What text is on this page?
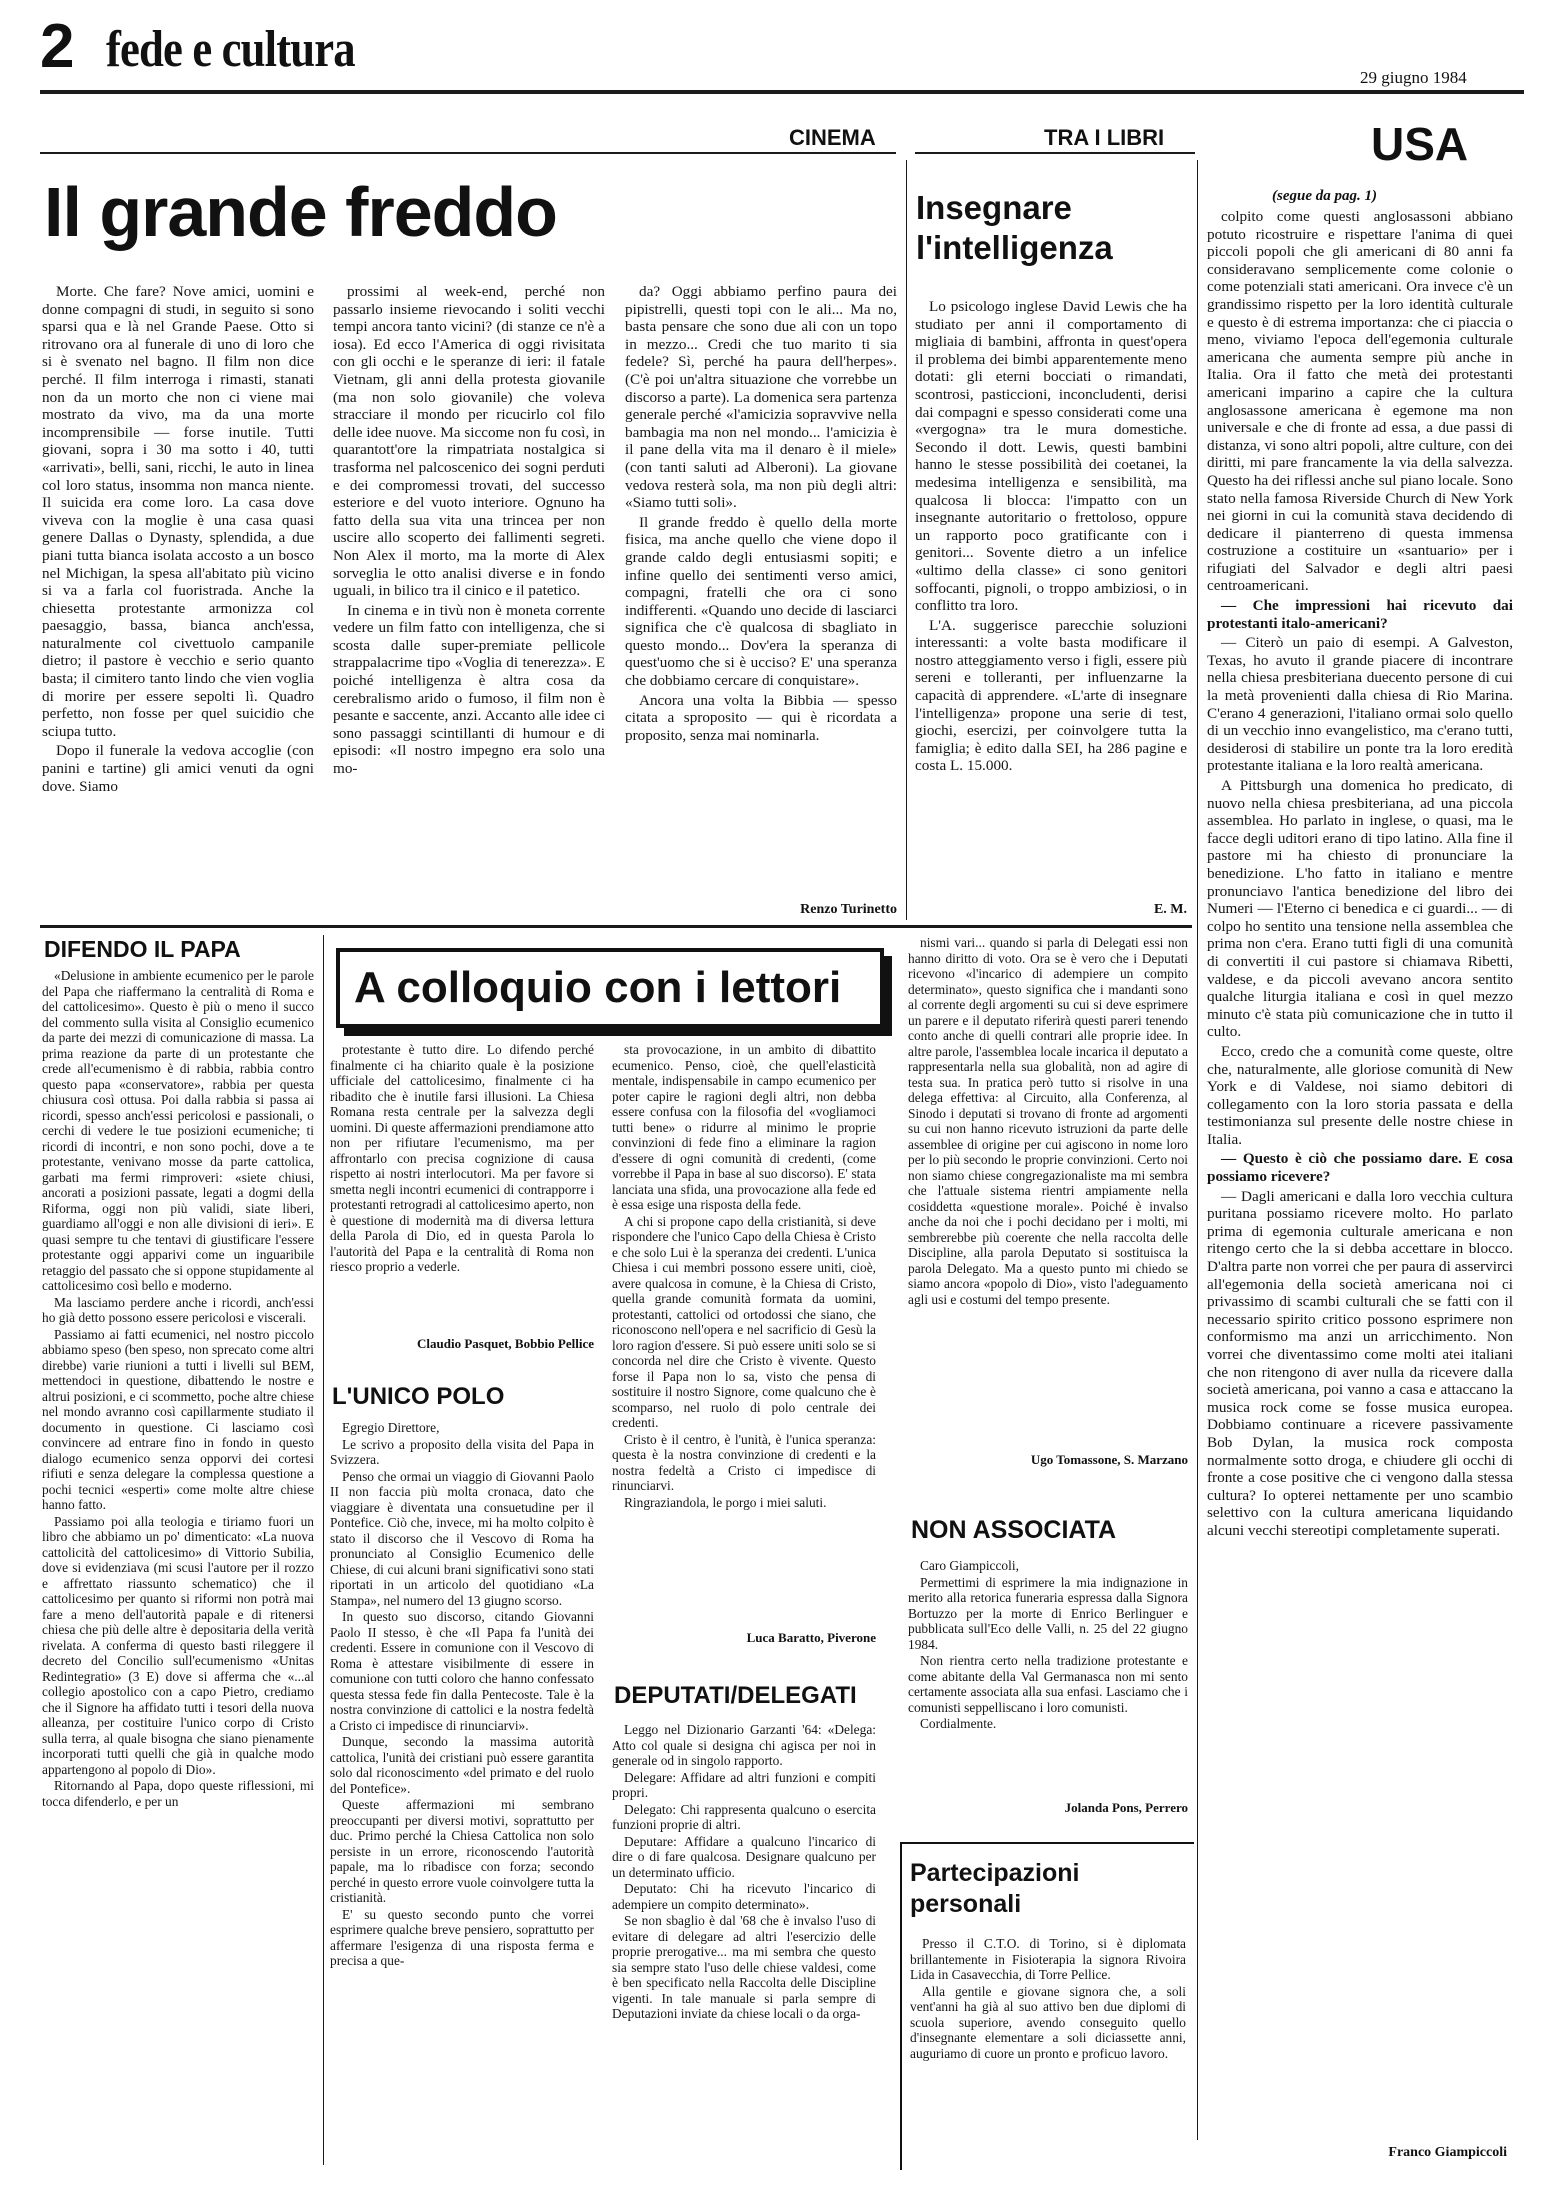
2 fede e cultura	29 giugno 1984
CINEMA	TRA I LIBRI	USA
Il grande freddo

Morte. Che fare? Nove amici, uomini e donne compagni di studi, in seguito si sono sparsi qua e là nel Grande Paese. Otto si ritrovano ora al funerale di uno di loro che si è svenato nel bagno. Il film non dice perché. Il film interroga i rimasti, stanati non da un morto che non ci viene mai mostrato da vivo, ma da una morte incomprensibile — forse inutile. Tutti giovani, sopra i 30 ma sotto i 40, tutti «arrivati», belli, sani, ricchi, le auto in linea col loro status, insomma non manca niente. Il suicida era come loro. La casa dove viveva con la moglie è una casa quasi genere Dallas o Dynasty, splendida, a due piani tutta bianca isolata accosto a un bosco nel Michigan, la spesa all'abitato più vicino si va a farla col fuoristrada. Anche la chiesetta protestante armonizza col paesaggio, bassa, bianca anch'essa, naturalmente col civettuolo campanile dietro; il pastore è vecchio e serio quanto basta; il cimitero tanto lindo che vien voglia di morire per essere sepolti lì. Quadro perfetto, non fosse per quel suicidio che sciupa tutto.

Dopo il funerale la vedova accoglie (con panini e tartine) gli amici venuti da ogni dove. Siamo

prossimi al week-end, perché non passarlo insieme rievocando i soliti vecchi tempi ancora tanto vicini? (di stanze ce n'è a iosa). Ed ecco l'America di oggi rivisitata con gli occhi e le speranze di ieri: il fatale Vietnam, gli anni della protesta giovanile (ma non solo giovanile) che voleva stracciare il mondo per ricucirlo col filo delle idee nuove. Ma siccome non fu così, in quarantott'ore la rimpatriata nostalgica si trasforma nel palcoscenico dei sogni perduti e dei compromessi trovati, del successo esteriore e del vuoto interiore. Ognuno ha fatto della sua vita una trincea per non uscire allo scoperto dei fallimenti segreti. Non Alex il morto, ma la morte di Alex sorveglia le otto analisi diverse e in fondo uguali, in bilico tra il cinico e il patetico.

In cinema e in tivù non è moneta corrente vedere un film fatto con intelligenza, che si scosta dalle super-premiate pellicole strappalacrime tipo «Voglia di tenerezza». E poiché intelligenza è altra cosa da cerebralismo arido o fumoso, il film non è pesante e saccente, anzi. Accanto alle idee ci sono passaggi scintillanti di humour e di episodi: «Il nostro impegno era solo una mo-

da? Oggi abbiamo perfino paura dei pipistrelli, questi topi con le ali... Ma no, basta pensare che sono due ali con un topo in mezzo... Credi che tuo marito ti sia fedele? Sì, perché ha paura dell'herpes». (C'è poi un'altra situazione che vorrebbe un discorso a parte). La domenica sera partenza generale perché «l'amicizia sopravvive nella bambagia ma non nel mondo... l'amicizia è il pane della vita ma il denaro è il miele» (con tanti saluti ad Alberoni). La giovane vedova resterà sola, ma non più degli altri: «Siamo tutti soli».

Il grande freddo è quello della morte fisica, ma anche quello che viene dopo il grande caldo degli entusiasmi sopiti; e infine quello dei sentimenti verso amici, compagni, fratelli che ora ci sono indifferenti. «Quando uno decide di lasciarci significa che c'è qualcosa di sbagliato in questo mondo... Dov'era la speranza di quest'uomo che si è ucciso? E' una speranza che dobbiamo cercare di conquistare».

Ancora una volta la Bibbia — spesso citata a sproposito — qui è ricordata a proposito, senza mai nominarla.

Renzo Turinetto
Insegnare l'intelligenza

Lo psicologo inglese David Lewis che ha studiato per anni il comportamento di migliaia di bambini, affronta in quest'opera il problema dei bimbi apparentemente meno dotati: gli eterni bocciati o rimandati, scontrosi, pasticcioni, inconcludenti, derisi dai compagni e spesso considerati come una «vergogna» tra le mura domestiche. Secondo il dott. Lewis, questi bambini hanno le stesse possibilità dei coetanei, la medesima intelligenza e sensibilità, ma qualcosa li blocca: l'impatto con un insegnante autoritario o frettoloso, oppure un rapporto poco gratificante con i genitori... Sovente dietro a un infelice «ultimo della classe» ci sono genitori soffocanti, pignoli, o troppo ambiziosi, o in conflitto tra loro.

L'A. suggerisce parecchie soluzioni interessanti: a volte basta modificare il nostro atteggiamento verso i figli, essere più sereni e tolleranti, per influenzarne la capacità di apprendere. «L'arte di insegnare l'intelligenza» propone una serie di test, giochi, esercizi, per coinvolgere tutta la famiglia; è edito dalla SEI, ha 286 pagine e costa L. 15.000.

E. M.
(segue da pag. 1)

colpito come questi anglosassoni abbiano potuto ricostruire e rispettare l'anima di quei piccoli popoli che gli americani di 80 anni fa consideravano semplicemente come colonie o come potenziali stati americani. Ora invece c'è un grandissimo rispetto per la loro identità culturale e questo è di estrema importanza: che ci piaccia o meno, viviamo l'epoca dell'egemonia culturale americana che aumenta sempre più anche in Italia. Ora il fatto che metà dei protestanti americani imparino a capire che la cultura anglosassone americana è egemone ma non universale e che di fronte ad essa, a due passi di distanza, vi sono altri popoli, altre culture, con dei diritti, mi pare francamente la via della salvezza. Questo ha dei riflessi anche sul piano locale. Sono stato nella famosa Riverside Church di New York nei giorni in cui la comunità stava decidendo di dedicare il pianterreno di questa immensa costruzione a costituire un «santuario» per i rifugiati del Salvador e degli altri paesi centroamericani.

— Che impressioni hai ricevuto dai protestanti italo-americani?

— Citerò un paio di esempi. A Galveston, Texas, ho avuto il grande piacere di incontrare nella chiesa presbiteriana duecento persone di cui la metà provenienti dalla chiesa di Rio Marina. C'erano 4 generazioni, l'italiano ormai solo quello di un vecchio inno evangelistico, ma c'erano tutti, desiderosi di stabilire un ponte tra la loro eredità protestante italiana e la loro realtà americana.

A Pittsburgh una domenica ho predicato, di nuovo nella chiesa presbiteriana, ad una piccola assemblea. Ho parlato in inglese, o quasi, ma le facce degli uditori erano di tipo latino. Alla fine il pastore mi ha chiesto di pronunciare la benedizione. L'ho fatto in italiano e mentre pronunciavo l'antica benedizione del libro dei Numeri — l'Eterno ci benedica e ci guardi... — di colpo ho sentito una tensione nella assemblea che prima non c'era. Erano tutti figli di una comunità di convertiti il cui pastore si chiamava Ribetti, valdese, e da piccoli avevano ancora sentito qualche liturgia italiana e così in quel mezzo minuto c'è stata più comunicazione che in tutto il culto.

Ecco, credo che a comunità come queste, oltre che, naturalmente, alle gloriose comunità di New York e di Valdese, noi siamo debitori di collegamento con la loro storia passata e della testimonianza sul presente delle nostre chiese in Italia.

— Questo è ciò che possiamo dare. E cosa possiamo ricevere?

— Dagli americani e dalla loro vecchia cultura puritana possiamo ricevere molto. Ho parlato prima di egemonia culturale americana e non ritengo certo che la si debba accettare in blocco. D'altra parte non vorrei che per paura di asservirci all'egemonia della società americana noi ci privassimo di scambi culturali che se fatti con il necessario spirito critico possono esprimere non conformismo ma anzi un arricchimento. Non vorrei che diventassimo come molti atei italiani che non ritengono di aver nulla da ricevere dalla società americana, poi vanno a casa e attaccano la musica rock come se fosse musica europea. Dobbiamo continuare a ricevere passivamente Bob Dylan, la musica rock composta normalmente sotto droga, e chiudere gli occhi di fronte a cose positive che ci vengono dalla stessa cultura? Io opterei nettamente per uno scambio selettivo con la cultura americana liquidando alcuni vecchi stereotipi completamente superati.

Franco Giampiccoli
DIFENDO IL PAPA

«Delusione in ambiente ecumenico per le parole del Papa che riaffermano la centralità di Roma e del cattolicesimo». Questo è più o meno il succo del commento sulla visita al Consiglio ecumenico da parte dei mezzi di comunicazione di massa. La prima reazione da parte di un protestante che crede all'ecumenismo è di rabbia, rabbia contro questo papa «conservatore», rabbia per questa chiusura così ottusa. Poi dalla rabbia si passa ai ricordi, spesso anch'essi pericolosi e passionali, o cerchi di vedere le tue posizioni ecumeniche; ti ricordi di incontri, e non sono pochi, dove a te protestante, venivano mosse da parte cattolica, garbati ma fermi rimproveri: «siete chiusi, ancorati a posizioni passate, legati a dogmi della Riforma, oggi non più validi, siate liberi, guardiamo all'oggi e non alle divisioni di ieri». E quasi sempre tu che tentavi di giustificare l'essere protestante oggi apparivi come un inguaribile retaggio del passato che si oppone stupidamente al cattolicesimo così bello e moderno.

Ma lasciamo perdere anche i ricordi, anch'essi ho già detto possono essere pericolosi e viscerali.

Passiamo ai fatti ecumenici, nel nostro piccolo abbiamo speso (ben speso, non sprecato come altri direbbe) varie riunioni a tutti i livelli sul BEM, mettendoci in questione, dibattendo le nostre e altrui posizioni, e ci scommetto, poche altre chiese nel mondo avranno così capillarmente studiato il documento in questione. Ci lasciamo così convincere ad entrare fino in fondo in questo dialogo ecumenico senza opporvi dei cortesi rifiuti e senza delegare la complessa questione a pochi tecnici «esperti» come molte altre chiese hanno fatto.

Passiamo poi alla teologia e tiriamo fuori un libro che abbiamo un po' dimenticato: «La nuova cattolicità del cattolicesimo» di Vittorio Subilia, dove si evidenziava (mi scusi l'autore per il rozzo e affrettato riassunto schematico) che il cattolicesimo per quanto si riformi non potrà mai fare a meno dell'autorità papale e di ritenersi chiesa che più delle altre è depositaria della verità rivelata. A conferma di questo basti rileggere il decreto del Concilio sull'ecumenismo «Unitas Redintegratio» (3 E) dove si afferma che «...al collegio apostolico con a capo Pietro, crediamo che il Signore ha affidato tutti i tesori della nuova alleanza, per costituire l'unico corpo di Cristo sulla terra, al quale bisogna che siano pienamente incorporati tutti quelli che già in qualche modo appartengono al popolo di Dio».

Ritornando al Papa, dopo queste riflessioni, mi tocca difenderlo, e per un

A colloquio con i lettori

protestante è tutto dire. Lo difendo perché finalmente ci ha chiarito quale è la posizione ufficiale del cattolicesimo, finalmente ci ha ribadito che è inutile farsi illusioni. La Chiesa Romana resta centrale per la salvezza degli uomini. Di queste affermazioni prendiamone atto non per rifiutare l'ecumenismo, ma per affrontarlo con precisa cognizione di causa rispetto ai nostri interlocutori. Ma per favore si smetta negli incontri ecumenici di contrapporre i protestanti retrogradi al cattolicesimo aperto, non è questione di modernità ma di diversa lettura della Parola di Dio, ed in questa Parola lo l'autorità del Papa e la centralità di Roma non riesco proprio a vederle.

Claudio Pasquet, Bobbio Pellice
L'UNICO POLO

Egregio Direttore,

Le scrivo a proposito della visita del Papa in Svizzera.

Penso che ormai un viaggio di Giovanni Paolo II non faccia più molta cronaca, dato che viaggiare è diventata una consuetudine per il Pontefice. Ciò che, invece, mi ha molto colpito è stato il discorso che il Vescovo di Roma ha pronunciato al Consiglio Ecumenico delle Chiese, di cui alcuni brani significativi sono stati riportati in un articolo del quotidiano «La Stampa», nel numero del 13 giugno scorso.

In questo suo discorso, citando Giovanni Paolo II stesso, è che «Il Papa fa l'unità dei credenti. Essere in comunione con il Vescovo di Roma è attestare visibilmente di essere in comunione con tutti coloro che hanno confessato questa stessa fede fin dalla Pentecoste. Tale è la nostra convinzione di cattolici e la nostra fedeltà a Cristo ci impedisce di rinunciarvi».

Dunque, secondo la massima autorità cattolica, l'unità dei cristiani può essere garantita solo dal riconoscimento «del primato e del ruolo del Pontefice».

Queste affermazioni mi sembrano preoccupanti per diversi motivi, soprattutto per duc. Primo perché la Chiesa Cattolica non solo persiste in un errore, riconoscendo l'autorità papale, ma lo ribadisce con forza; secondo perché in questo errore vuole coinvolgere tutta la cristianità.

E' su questo secondo punto che vorrei esprimere qualche breve pensiero, soprattutto per affermare l'esigenza di una risposta ferma e precisa a que-

sta provocazione, in un ambito di dibattito ecumenico. Penso, cioè, che quell'elasticità mentale, indispensabile in campo ecumenico per poter capire le ragioni degli altri, non debba essere confusa con la filosofia del «vogliamoci tutti bene» o ridurre al minimo le proprie convinzioni di fede fino a eliminare la ragion d'essere di ogni comunità di credenti, (come vorrebbe il Papa in base al suo discorso). E' stata lanciata una sfida, una provocazione alla fede ed è essa esige una risposta della fede.

A chi si propone capo della cristianità, si deve rispondere che l'unico Capo della Chiesa è Cristo e che solo Lui è la speranza dei credenti. L'unica Chiesa i cui membri possono essere uniti, cioè, avere qualcosa in comune, è la Chiesa di Cristo, quella grande comunità formata da uomini, protestanti, cattolici od ortodossi che siano, che riconoscono nell'opera e nel sacrificio di Gesù la loro ragion d'essere. Si può essere uniti solo se si concorda nel dire che Cristo è vivente. Questo forse il Papa non lo sa, visto che pensa di sostituire il nostro Signore, come qualcuno che è scomparso, nel ruolo di polo centrale dei credenti.

Cristo è il centro, è l'unità, è l'unica speranza: questa è la nostra convinzione di credenti e la nostra fedeltà a Cristo ci impedisce di rinunciarvi.

Ringraziandola, le porgo i miei saluti.

Luca Baratto, Piverone
DEPUTATI/DELEGATI

Leggo nel Dizionario Garzanti '64: «Delega: Atto col quale si designa chi agisca per noi in generale od in singolo rapporto.

Delegare: Affidare ad altri funzioni e compiti propri.

Delegato: Chi rappresenta qualcuno o esercita funzioni proprie di altri.

Deputare: Affidare a qualcuno l'incarico di dire o di fare qualcosa. Designare qualcuno per un determinato ufficio.

Deputato: Chi ha ricevuto l'incarico di adempiere un compito determinato».

Se non sbaglio è dal '68 che è invalso l'uso di evitare di delegare ad altri l'esercizio delle proprie prerogative... ma mi sembra che questo sia sempre stato l'uso delle chiese valdesi, come è ben specificato nella Raccolta delle Discipline vigenti. In tale manuale si parla sempre di Deputazioni inviate da chiese locali o da orga-

nismi vari... quando si parla di Delegati essi non hanno diritto di voto. Ora se è vero che i Deputati ricevono «l'incarico di adempiere un compito determinato», questo significa che i mandanti sono al corrente degli argomenti su cui si deve esprimere un parere e il deputato riferirà questi pareri tenendo conto anche di quelli contrari alle proprie idee. In altre parole, l'assemblea locale incarica il deputato a rappresentarla nella sua globalità, non ad agire di testa sua. In pratica però tutto si risolve in una delega effettiva: al Circuito, alla Conferenza, al Sinodo i deputati si trovano di fronte ad argomenti su cui non hanno ricevuto istruzioni da parte delle assemblee di origine per cui agiscono in nome loro per lo più secondo le proprie convinzioni. Certo noi non siamo chiese congregazionaliste ma mi sembra che l'attuale sistema rientri ampiamente nella cosiddetta «questione morale». Poiché è invalso anche da noi che i pochi decidano per i molti, mi sembrerebbe più coerente che nella raccolta delle Discipline, alla parola Deputato si sostituisca la parola Delegato. Ma a questo punto mi chiedo se siamo ancora «popolo di Dio», visto l'adeguamento agli usi e costumi del tempo presente.

Ugo Tomassone, S. Marzano
NON ASSOCIATA

Caro Giampiccoli,

Permettimi di esprimere la mia indignazione in merito alla retorica funeraria espressa dalla Signora Bortuzzo per la morte di Enrico Berlinguer e pubblicata sull'Eco delle Valli, n. 25 del 22 giugno 1984.

Non rientra certo nella tradizione protestante e come abitante della Val Germanasca non mi sento certamente associata alla sua enfasi. Lasciamo che i comunisti seppelliscano i loro comunisti.

Cordialmente.

Jolanda Pons, Perrero
Partecipazioni personali

Presso il C.T.O. di Torino, si è diplomata brillantemente in Fisioterapia la signora Rivoira Lida in Casavecchia, di Torre Pellice.

Alla gentile e giovane signora che, a soli vent'anni ha già al suo attivo ben due diplomi di scuola superiore, avendo conseguito quello d'insegnante elementare a soli diciassette anni, auguriamo di cuore un pronto e proficuo lavoro.
